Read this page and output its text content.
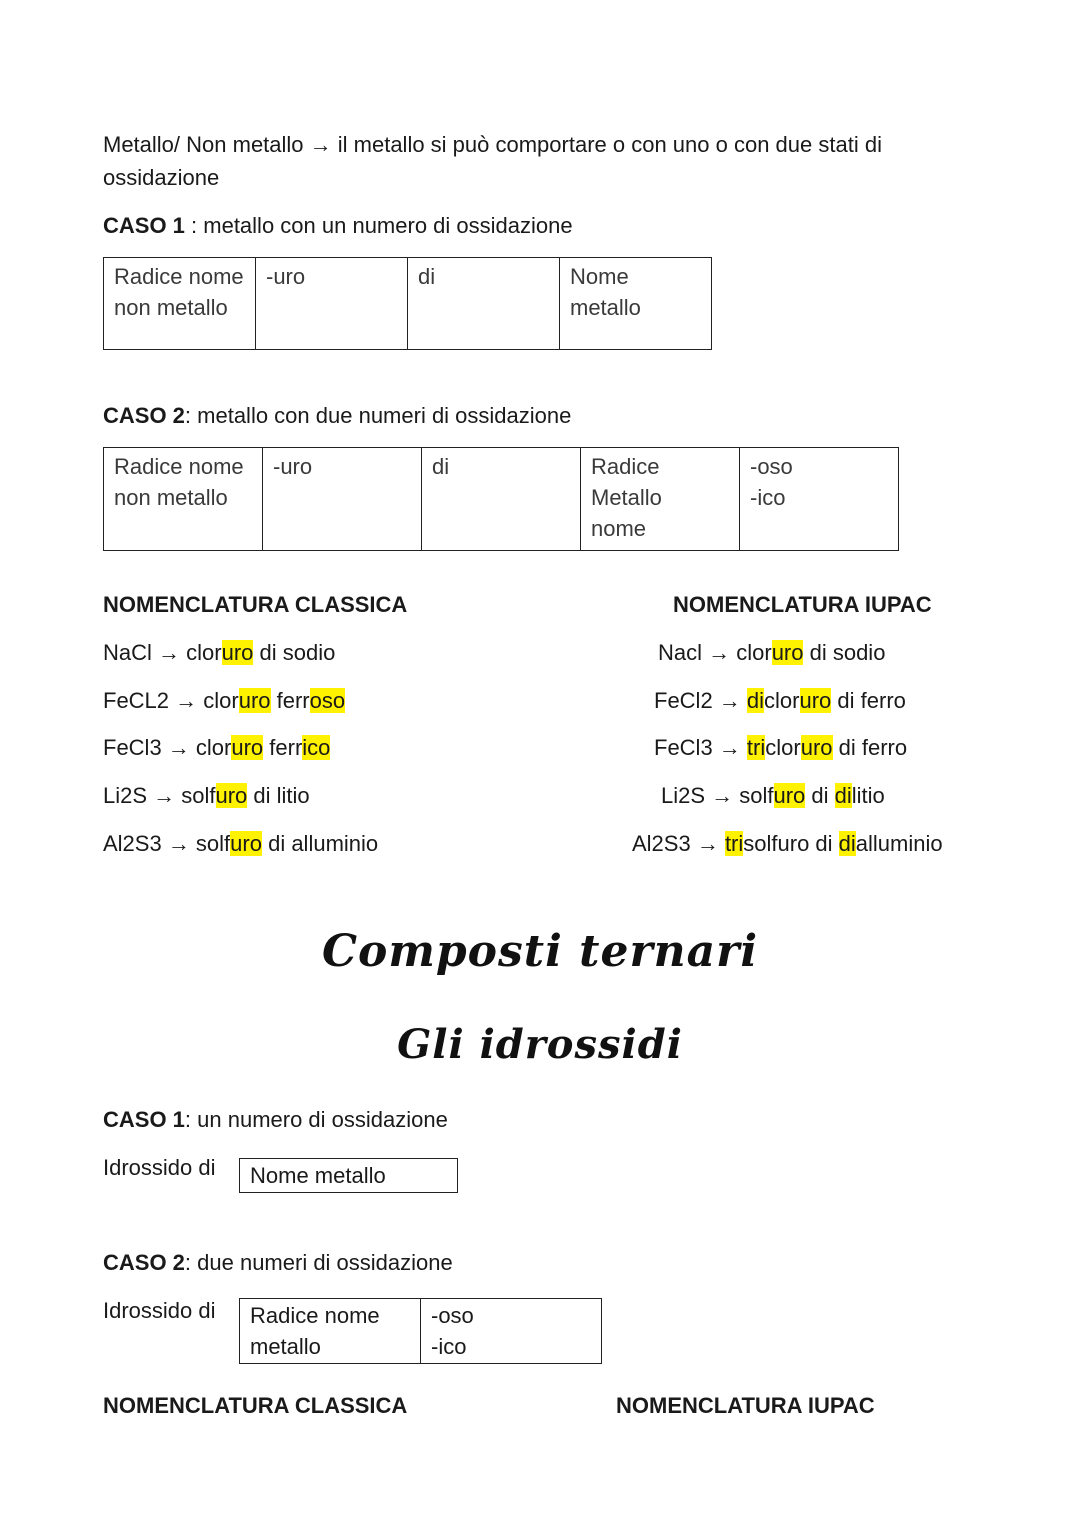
Metallo/ Non metallo → il metallo si può comportare o con uno o con due stati di
ossidazione
CASO 1 : metallo con un numero di ossidazione
Radice nome
non metallo	-uro	di	Nome
metallo
CASO 2: metallo con due numeri di ossidazione
Radice nome
non metallo	-uro	di	Radice
Metallo
nome	-oso
-ico
NOMENCLATURA CLASSICA	NOMENCLATURA IUPAC
NaCl → cloruro di sodio
FeCL2 → cloruro ferroso
FeCl3 → cloruro ferrico
Li2S → solfuro di litio
Al2S3 → solfuro di alluminio
Nacl → cloruro di sodio
FeCl2 → dicloruro di ferro
FeCl3 → tricloruro di ferro
Li2S → solfuro di dilitio
Al2S3 → trisolfuro di dialluminio
Composti ternari
Gli idrossidi
CASO 1: un numero di ossidazione
Idrossido di Nome metallo
CASO 2: due numeri di ossidazione
Idrossido di Radice nome
metallo	-oso
-ico
NOMENCLATURA CLASSICA	NOMENCLATURA IUPAC
